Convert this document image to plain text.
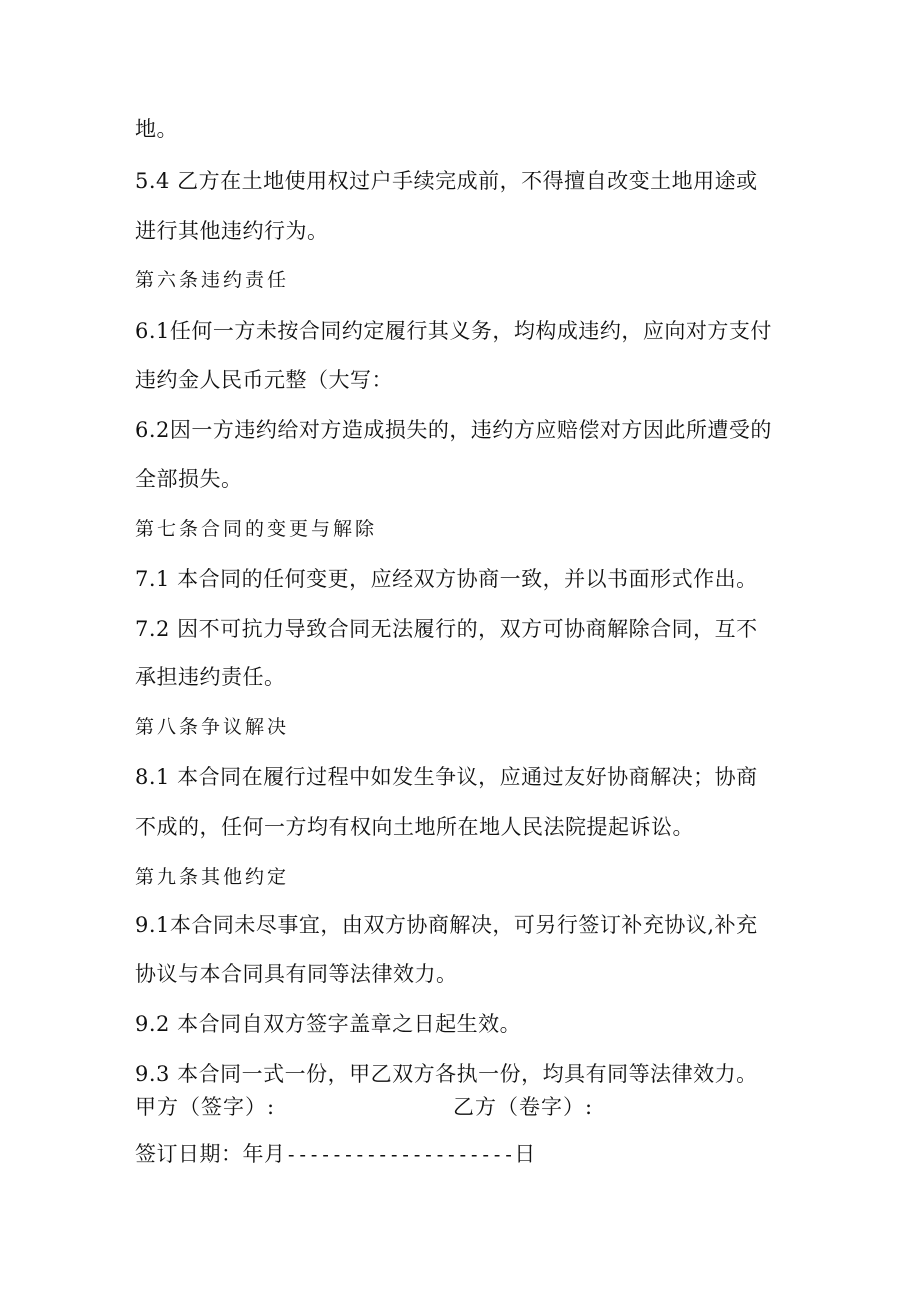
地。
5.4 乙方在土地使用权过户手续完成前，不得擅自改变土地用途或
进行其他违约行为。
第六条违约责任
6.1任何一方未按合同约定履行其义务，均构成违约，应向对方支付
违约金人民币元整（大写：
6.2因一方违约给对方造成损失的，违约方应赔偿对方因此所遭受的
全部损失。
第七条合同的变更与解除
7.1 本合同的任何变更，应经双方协商一致，并以书面形式作出。
7.2 因不可抗力导致合同无法履行的，双方可协商解除合同，互不
承担违约责任。
第八条争议解决
8.1 本合同在履行过程中如发生争议，应通过友好协商解决；协商
不成的，任何一方均有权向土地所在地人民法院提起诉讼。
第九条其他约定
9.1本合同未尽事宜，由双方协商解决，可另行签订补充协议,补充
协议与本合同具有同等法律效力。
9.2 本合同自双方签字盖章之日起生效。
9.3 本合同一式一份，甲乙双方各执一份，均具有同等法律效力。
甲方（签字）:	乙方（卷字）:
签订日期：年月--------------------日
